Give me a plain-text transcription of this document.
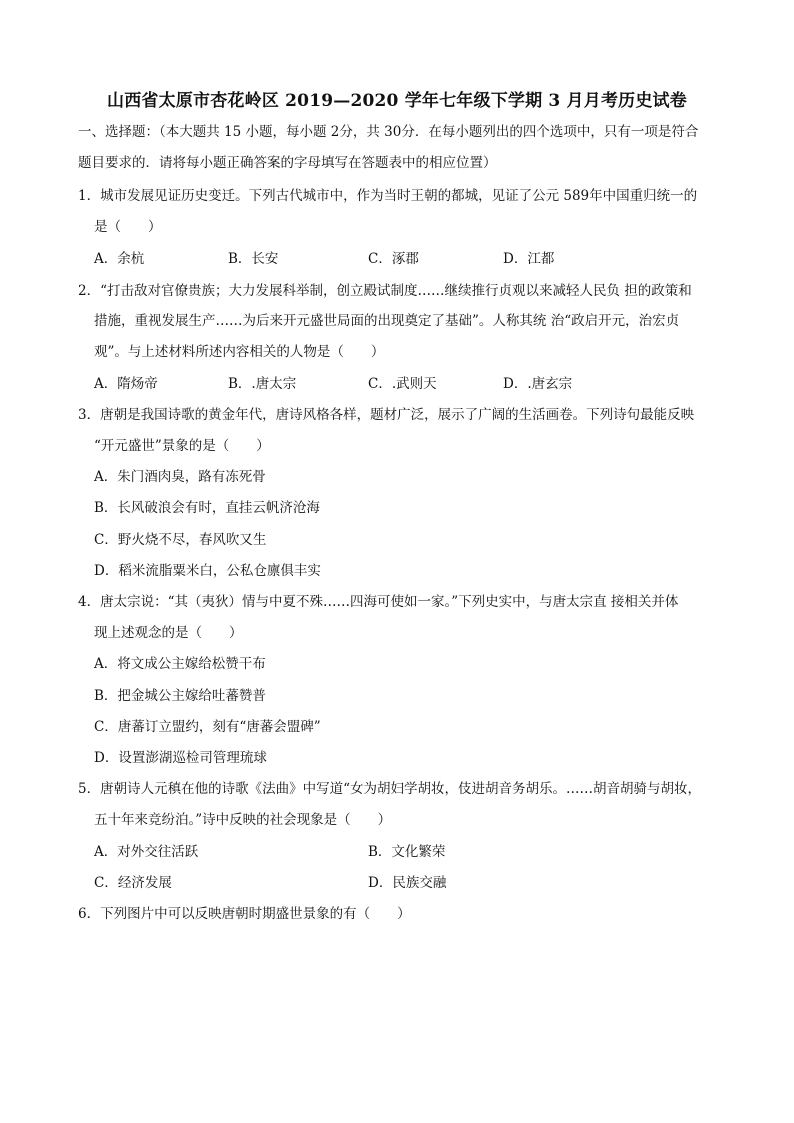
山西省太原市杏花岭区 2019—2020 学年七年级下学期 3 月月考历史试卷
一、选择题：（本大题共 15 小题，每小题 2分，共 30分．在每小题列出的四个选项中，只有一项是符合
题目要求的．请将每小题正确答案的字母填写在答题表中的相应位置）
1．城市发展见证历史变迁。下列古代城市中，作为当时王朝的都城，见证了公元 589年中国重归统一的
是（　　）
A．余杭	B．长安	C．涿郡	D．江都
2．“打击敌对官僚贵族；大力发展科举制，创立殿试制度……继续推行贞观以来减轻人民负 担的政策和
措施，重视发展生产……为后来开元盛世局面的出现奠定了基础”。人称其统 治“政启开元，治宏贞
观”。与上述材料所述内容相关的人物是（　　）
A．隋炀帝	B．.唐太宗	C．.武则天	D．.唐玄宗
3．唐朝是我国诗歌的黄金年代，唐诗风格各样，题材广泛，展示了广阔的生活画卷。下列诗句最能反映
“开元盛世”景象的是（　　）
A．朱门酒肉臭，路有冻死骨
B．长风破浪会有时，直挂云帆济沧海
C．野火烧不尽，春风吹又生
D．稻米流脂粟米白，公私仓廪俱丰实
4．唐太宗说：“其（夷狄）情与中夏不殊……四海可使如一家。”下列史实中，与唐太宗直 接相关并体
现上述观念的是（　　）
A．将文成公主嫁给松赞干布
B．把金城公主嫁给吐蕃赞普
C．唐蕃订立盟约，刻有“唐蕃会盟碑”
D．设置澎湖巡检司管理琉球
5．唐朝诗人元稹在他的诗歌《法曲》中写道“女为胡妇学胡妆，伎进胡音务胡乐。……胡音胡骑与胡妆，
五十年来竞纷泊。”诗中反映的社会现象是（　　）
A．对外交往活跃	B．文化繁荣
C．经济发展	D．民族交融
6．下列图片中可以反映唐朝时期盛世景象的有（　　）
